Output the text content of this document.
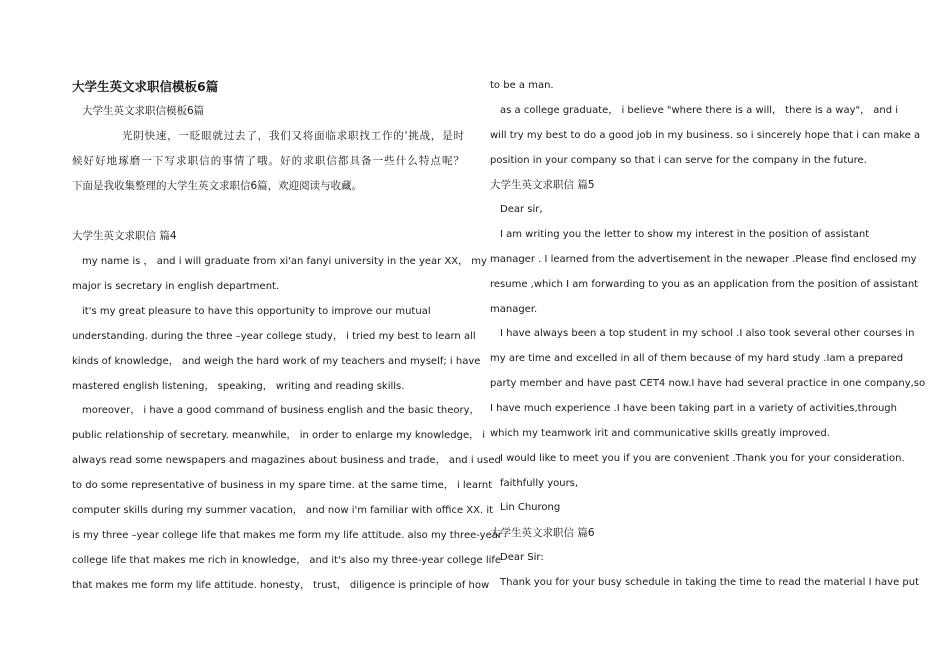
大学生英文求职信模板6篇
大学生英文求职信模板6篇
光阴快速，一眨眼就过去了，我们又将面临求职找工作的'挑战，是时
候好好地琢磨一下写求职信的事情了哦。好的求职信都具备一些什么特点呢？
下面是我收集整理的大学生英文求职信6篇，欢迎阅读与收藏。
大学生英文求职信 篇4
my name is ， and i will graduate from xi'an fanyi university in the year XX， my
major is secretary in english department.
it's my great pleasure to have this opportunity to improve our mutual
understanding. during the three –year college study， i tried my best to learn all
kinds of knowledge， and weigh the hard work of my teachers and myself; i have
mastered english listening， speaking， writing and reading skills.
moreover， i have a good command of business english and the basic theory，
public relationship of secretary. meanwhile， in order to enlarge my knowledge， i
always read some newspapers and magazines about business and trade， and i used
to do some representative of business in my spare time. at the same time， i learnt
computer skills during my summer vacation， and now i'm familiar with office XX. it
is my three –year college life that makes me form my life attitude. also my three-year
college life that makes me rich in knowledge， and it's also my three-year college life
that makes me form my life attitude. honesty， trust， diligence is principle of how
to be a man.
as a college graduate， i believe "where there is a will， there is a way"， and i
will try my best to do a good job in my business. so i sincerely hope that i can make a
position in your company so that i can serve for the company in the future.
大学生英文求职信 篇5
Dear sir,
I am writing you the letter to show my interest in the position of assistant
manager . I learned from the advertisement in the newaper .Please find enclosed my
resume ,which I am forwarding to you as an application from the position of assistant
manager.
I have always been a top student in my school .I also took several other courses in
my are time and excelled in all of them because of my hard study .Iam a prepared
party member and have past CET4 now.I have had several practice in one company,so
I have much experience .I have been taking part in a variety of activities,through
which my teamwork irit and communicative skills greatly improved.
I would like to meet you if you are convenient .Thank you for your consideration.
faithfully yours,
Lin Churong
大学生英文求职信 篇6
Dear Sir:
Thank you for your busy schedule in taking the time to read the material I have put
